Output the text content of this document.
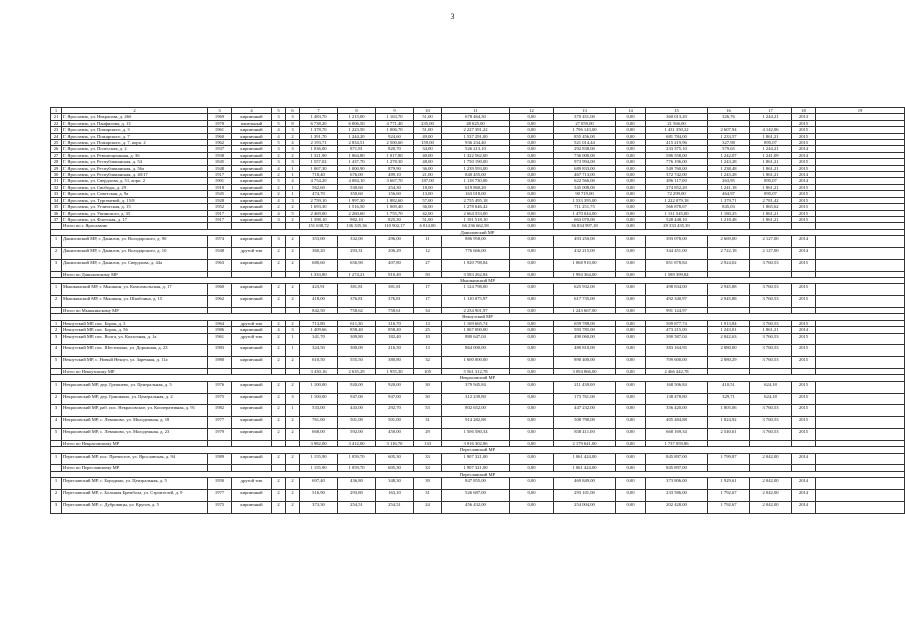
3
1	2	3	4	5	6	7	8	9	10	11	12	13	14	15	16	17	18	19
21	Г. Ярославль, ул. Некрасова, д. 46б	1969	кирпичный	3	3	1 483,70	1 215,00	1 163,70	51,00	678 464,30	0,00	370 451,00	0,00	360 013,20	326,76	1 244,21	2013	
22	Г. Ярославль, ул. Панфилова, д. 13	1978	панельный	5	8	6 738,20	6 006,50	4 771,40	235,00	48 625,00	0,00	27 059,00	0,00	21 566,00			2015	
23	Г. Ярославль, ул. Пожарского, д. 3	1961	кирпичный	4	3	1 378,70	1 223,50	1 006,70	51,00	2 227 391,22	0,00	1 796 143,00	0,00	1 431 350,22	2 607,94	4 142,06	2015	
24	Г. Ярославль, ул. Пожарского, д. 7	1960	кирпичный	4	2	1 391,70	1 244,20	924,60	49,00	1 537 291,00	0,00	855 456,00	0,00	681 784,00	1 233,57	1 861,21	2015	
25	Г. Ярославль, ул. Пожарского, д. 7, корп. 2	1962	кирпичный	5	4	2 193,71	2 834,51	2 500,60	159,00	936 234,40	0,00	521 014,44	0,00	415 219,96	327,98	895,07	2015	
26	Г. Ярославль, ул. Полесская, д. 2	1937	кирпичный	3	3	1 036,00	871,81	820,70	34,00	526 213,10	0,00	292 838,00	0,00	233 375,10	579,65	1 244,21	2014	
27	Г. Ярославль, ул. Революционная, д. 36	1938	кирпичный	2	2	1 321,90	1 064,80	1 017,80	40,00	1 322 562,00	0,00	736 000,00	0,00	586 558,00	1 242,07	1 241,09	2014	
28	Г. Ярославль, ул. Республиканская, д. 54	1845	кирпичный	3	3	1 557,02	1 437,70	1 278,30	48,00	1 750 190,00	0,00	973 994,00	0,00	776 196,00	1 243,28	1 861,21	2015	
29	Г. Ярославль, ул. Республиканская, д. 56а	1948	кирпичный	4	1	1 067,30	1 000,90	879,90	36,00	1 239 593,00	0,00	689 833,00	0,00	549 760,00	1 238,48	1 861,21	2015	
30	Г. Ярославль, ул. Республиканская, д. 40/17	1917	кирпичный	2	1	718,40	676,00	489,10	21,00	840 455,00	0,00	467 713,00	0,00	372 742,00	1 243,28	1 861,21	2014	
31	Г. Ярославль, ул. Свердлова, д. 51, корп. 2	1901	кирпичный	5	4	4 754,20	4 084,10	3 667,70	187,00	1 118 730,00	0,00	622 566,00	0,00	496 117,00	263,95	895,07	2014	
32	Г. Ярославль, ул. Свободы, д. 29	1918	кирпичный	2	1	562,60	530,60	254,30	18,00	619 860,20	0,00	345 008,00	0,00	274 852,20	1 241,18	1 861,21	2015	
33	Г. Ярославль, ул. Советская, д. 9а	1945	кирпичный	2	1	474,70	350,60	156,60	13,00	163 018,00	0,00	90 719,00	0,00	72 299,00	464,97	895,07	2015	
34	Г. Ярославль, ул. Тургеневой, д. 15/8	1928	кирпичный	4	3	2 759,10	1 997,30	1 882,60	57,00	2 755 495,18	0,00	1 533 395,00	0,00	1 222 079,18	1 379,71	2 781,42	2015	
35	Г. Ярославль, ул. Углическая, д. 15	1952	кирпичный	2	2	1 693,30	1 516,50	1 069,40	36,00	1 278 646,42	0,00	711 251,75	0,00	566 878,67	845,03	1 865,62	2015	
36	Г. Ярославль, ул. Ушинского, д. 35	1917	кирпичный	4	5	2 469,00	2 260,60	1 755,70	42,00	2 664 553,00	0,00	1 470 044,00	0,00	1 131 545,00	1 180,25	1 861,21	2015	
37	Г. Ярославль, ул. Флотская, д. 17	1917	кирпичный	3	2	1 398,10	982,10	825,30	51,00	1 191 518,10	0,00	663 070,00	0,00	528 448,10	1 218,48	1 861,21	2015	
	Итого по г. Ярославлю					151 638,72	136 335,36	110 902,17	6 014,00	66 236 662,58	0,00	36 834 997,18	0,00	29 333 435,39				
Даниловский МР																		
1	Даниловский МР, г. Данилов, ул. Володарского, д. 90	1974	кирпичный	3	2	353,00	332,00	296,00	11	886 958,00	0,00	493 250,00	0,00	393 078,00	2 669,00	2 127,00	2014	
2	Даниловский МР, г. Данилов, ул. Володарского, д. 10	1948	другой тип	2	2	360,20	293,31	206,29	12	776 666,00	0,00	432 215,00	0,00	344 451,00	2 722,18	2 127,00	2014	
3	Даниловский МР, г. Данилов, ул. Свердлова, д. 44а	1963	кирпичный	2	2	680,60	656,90	407,80	27	1 920 798,84	0,00	1 068 910,00	0,00	851 878,84	2 924,02	3 760,53	2015	
	Итого по Даниловскому МР					1 333,80	1 274,21	910,49	50	3 583 262,84	0,00	1 994 364,00	0,00	1 589 399,84				
Мышкинский МР																		
1	Мышкинский МР, г. Мышкин, ул. Комсомольская, д. 17	1960	кирпичный	2	2	423,91	381,81	381,81	17	1 124 798,00	0,00	625 932,00	0,00	498 834,00	2 945,88	3 760,53	2015	
2	Мышкинский МР, г. Мышкин, ул. Шпаблина, д. 15	1962	кирпичный	2	2	418,00	376,81	376,81	17	1 110 075,97	0,00	617 735,00	0,00	492 340,97	2 945,88	3 760,53	2015	
	Итого по Мышкинскому МР					842,50	758,62	758,61	34	2 234 901,97	0,00	1 243 667,00	0,00	991 124,97				
Некоузский МР																		
1	Некоузский МР, пос. Борок, д. 3	1964	другой тип	2	2	713,80	611,30	316,70	13	1 169 665,74	0,00	659 788,00	0,00	509 877,74	1 913,84	3 760,53	2015	
2	Некоузский МР, пос. Борок, д. 56	1986	кирпичный	4	3	1 409,66	858,40	858,40	25	1 067 000,00	0,00	593 785,00	0,00	473 215,00	1 243,01	1 861,21	2014	
3	Некоузский МР, пос. Волга, ул. Колхозная, д. 1а	1961	другой тип	2	1	341,70	309,80	182,40	10	880 647,04	0,00	490 060,00	0,00	390 587,04	2 842,63	3 760,53	2015	
4	Некоузский МР, пос. Шестихино, ул. Дорожная, д. 23	1983	кирпичный	2	1	324,50	300,00	216,50	13	864 000,00	0,00	480 810,00	0,00	383 164,95	2 880,00	3 760,53	2015	
5	Некоузский МР, с. Новый Некоуз, ул. Заречная, д. 11а	1980	кирпичный	2	2	610,50	555,50	380,80	32	1 600 000,00	0,00	890 400,00	0,00	709 600,00	2 880,29	3 760,53	2015	
	Итого по Некоузскому МР					3 430,16	2 635,29	1 955,30	105	5 561 312,78	0,00	3 094 866,00	0,00	2 466 442,78				
Некрасовский МР																		
1	Некрасовский МР, дер. Грешнево, ул. Центральная, д. 5	1976	кирпичный	2	2	1 100,00	920,00	920,00	30	379 945,84	0,00	211 439,00	0,00	168 506,84	410,51	624,18	2015	
2	Некрасовский МР, дер. Гришкино, ул. Центральная, д. 2	1975	кирпичный	2	3	1 100,00	947,00	947,00	30	312 239,80	0,00	173 761,00	0,00	138 478,80	329,71	624,18	2015	
3	Некрасовский МР, раб. пос. Некрасовское, ул. Кооперативная, д. 91	1982	кирпичный	2	1	533,00	443,00	292,70	53	802 652,00	0,00	447 232,00	0,00	356 420,00	1 805,06	3 760,53	2015	
4	Некрасовский МР, с. Левашово, ул. Молодежная, д. 18	1977	кирпичный	2	2	761,00	501,00	501,00	31	914 282,88	0,00	508 798,00	0,00	405 484,88	1 824,92	3 760,53	2015	
5	Некрасовский МР, с. Левашово, ул. Молодежная, д. 23	1979	кирпичный	2	2	668,00	592,00	450,00	29	1 506 580,34	0,00	838 411,00	0,00	668 169,34	2 540,61	3 760,53	2015	
	Итого по Некрасовскому МР					3 982,00	3 412,00	3 116,70	133	3 916 302,86	0,00	2 179 641,00	0,00	1 737 059,86				
Переславский МР																		
1	Переславский МР, пос. Пречистое, ул. Ярославская, д. 94	1989	кирпичный	2	2	1 155,90	1 059,70	605,30	33	1 907 321,00	0,00	1 061 424,00	0,00	845 897,00	1 799,87	2 042,00	2014	
	Итого по Переславскому МР					1 155,90	1 059,70	605,30	33	1 907 321,00	0,00	1 061 424,00	0,00	845 897,00				
Переславский МР																		
1	Переславский МР, с. Бородино, ул. Центральная, д. 5	1950	другой тип	2	2	697,40	436,80	348,30	39	847 855,00	0,00	469 849,00	0,00	373 806,00	1 929,61	2 042,00	2014	
2	Переславский МР, с. Большая Брембола, ул. Строителей, д. 9	1977	кирпичный	2	2	516,90	293,80	163,10	31	526 687,00	0,00	293 101,00	0,00	233 586,00	1 792,67	2 042,00	2014	
3	Переславский МР, с. Дубровицы, ул. Кругов, д. 5	1975	кирпичный	2	2	373,30	254,51	254,51	24	456 432,00	0,00	254 004,00	0,00	202 428,00	1 792,67	2 042,00	2014	
